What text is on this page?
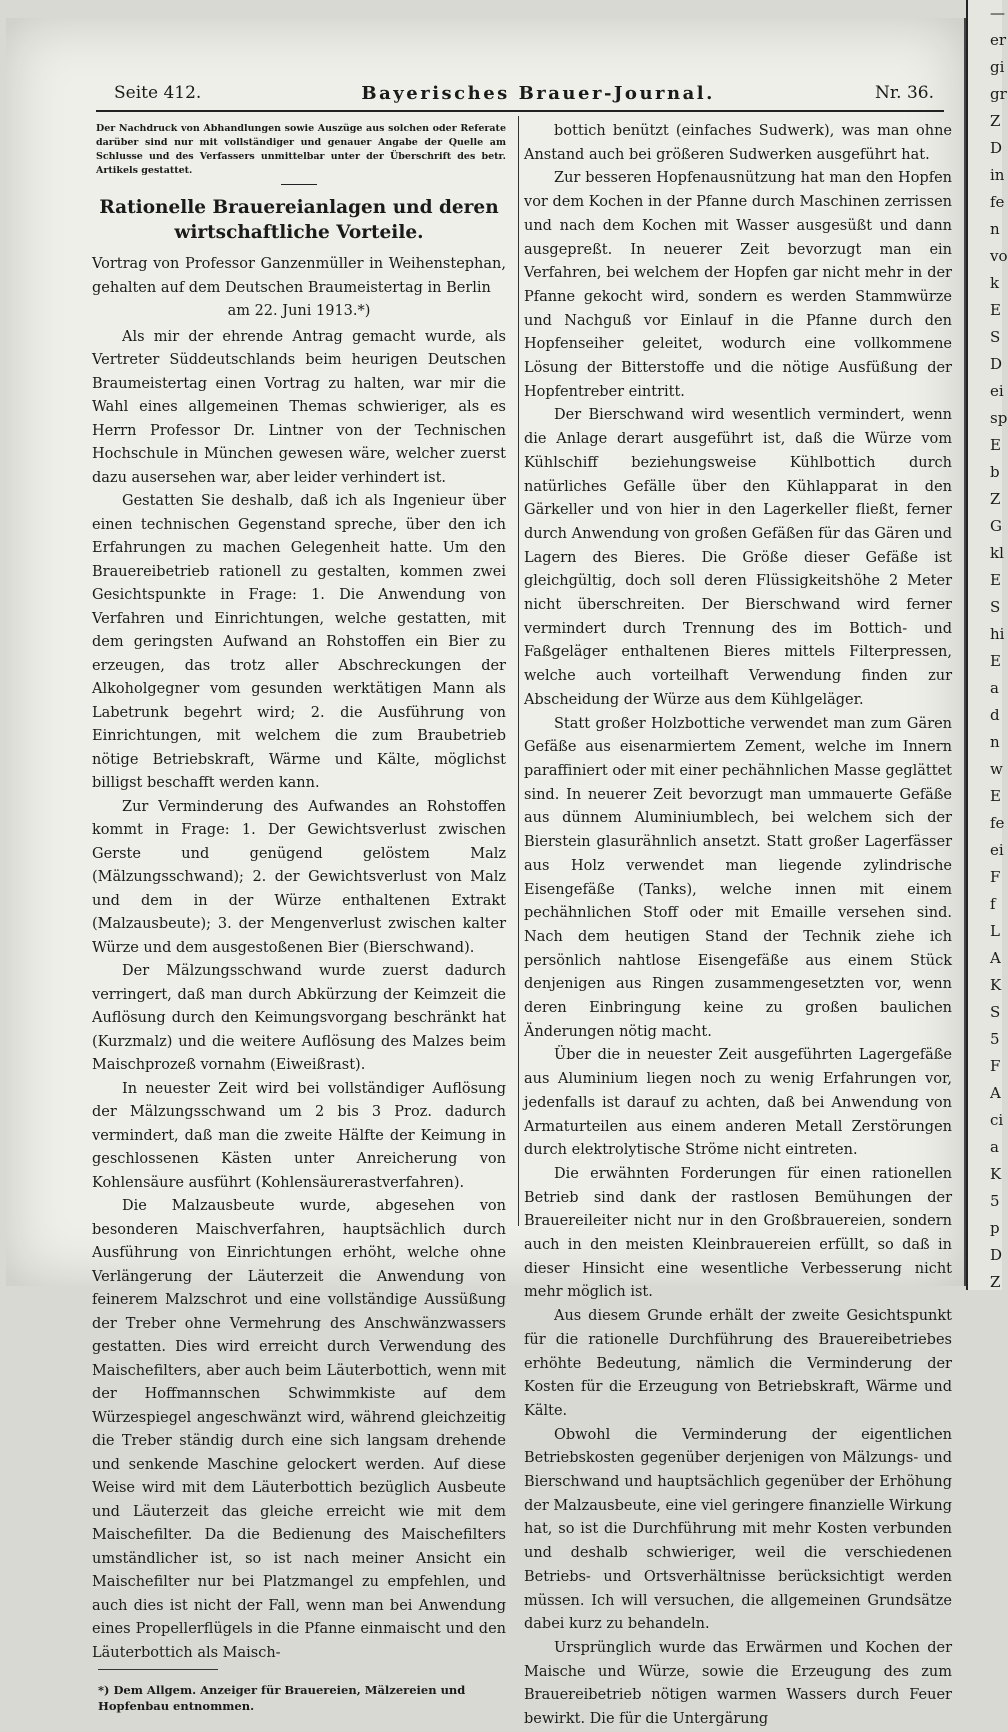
Seite 412.	Bayerisches Brauer-Journal.	Nr. 36.

Der Nachdruck von Abhandlungen sowie Auszüge aus solchen oder Referate darüber sind nur mit vollständiger und genauer Angabe der Quelle am Schlusse und des Verfassers unmittelbar unter der Überschrift des betr. Artikels gestattet.

Rationelle Brauereianlagen und deren wirtschaftliche Vorteile.

Vortrag von Professor Ganzenmüller in Weihenstephan, gehalten auf dem Deutschen Braumeistertag in Berlin
am 22. Juni 1913.*)

Als mir der ehrende Antrag gemacht wurde, als Vertreter Süddeutschlands beim heurigen Deutschen Braumeistertag einen Vortrag zu halten, war mir die Wahl eines allgemeinen Themas schwieriger, als es Herrn Professor Dr. Lintner von der Technischen Hochschule in München gewesen wäre, welcher zuerst dazu ausersehen war, aber leider verhindert ist.

Gestatten Sie deshalb, daß ich als Ingenieur über einen technischen Gegenstand spreche, über den ich Erfahrungen zu machen Gelegenheit hatte. Um den Brauereibetrieb rationell zu gestalten, kommen zwei Gesichtspunkte in Frage: 1. Die Anwendung von Verfahren und Einrichtungen, welche gestatten, mit dem geringsten Aufwand an Rohstoffen ein Bier zu erzeugen, das trotz aller Abschreckungen der Alkoholgegner vom gesunden werktätigen Mann als Labetrunk begehrt wird; 2. die Ausführung von Einrichtungen, mit welchem die zum Braubetrieb nötige Betriebskraft, Wärme und Kälte, möglichst billigst beschafft werden kann.

Zur Verminderung des Aufwandes an Rohstoffen kommt in Frage: 1. Der Gewichtsverlust zwischen Gerste und genügend gelöstem Malz (Mälzungsschwand); 2. der Gewichtsverlust von Malz und dem in der Würze enthaltenen Extrakt (Malzausbeute); 3. der Mengenverlust zwischen kalter Würze und dem ausgestoßenen Bier (Bierschwand).

Der Mälzungsschwand wurde zuerst dadurch verringert, daß man durch Abkürzung der Keimzeit die Auflösung durch den Keimungsvorgang beschränkt hat (Kurzmalz) und die weitere Auflösung des Malzes beim Maischprozeß vornahm (Eiweißrast).

In neuester Zeit wird bei vollständiger Auflösung der Mälzungsschwand um 2 bis 3 Proz. dadurch vermindert, daß man die zweite Hälfte der Keimung in geschlossenen Kästen unter Anreicherung von Kohlensäure ausführt (Kohlensäurerastverfahren).

Die Malzausbeute wurde, abgesehen von besonderen Maischverfahren, hauptsächlich durch Ausführung von Einrichtungen erhöht, welche ohne Verlängerung der Läuterzeit die Anwendung von feinerem Malzschrot und eine vollständige Aussüßung der Treber ohne Vermehrung des Anschwänzwassers gestatten. Dies wird erreicht durch Verwendung des Maischefilters, aber auch beim Läuterbottich, wenn mit der Hoffmannschen Schwimmkiste auf dem Würzespiegel angeschwänzt wird, während gleichzeitig die Treber ständig durch eine sich langsam drehende und senkende Maschine gelockert werden. Auf diese Weise wird mit dem Läuterbottich bezüglich Ausbeute und Läuterzeit das gleiche erreicht wie mit dem Maischefilter. Da die Bedienung des Maischefilters umständlicher ist, so ist nach meiner Ansicht ein Maischefilter nur bei Platzmangel zu empfehlen, und auch dies ist nicht der Fall, wenn man bei Anwendung eines Propellerflügels in die Pfanne einmaischt und den Läuterbottich als Maisch-

*) Dem Allgem. Anzeiger für Brauereien, Mälzereien und Hopfenbau entnommen.

bottich benützt (einfaches Sudwerk), was man ohne Anstand auch bei größeren Sudwerken ausgeführt hat.

Zur besseren Hopfenausnützung hat man den Hopfen vor dem Kochen in der Pfanne durch Maschinen zerrissen und nach dem Kochen mit Wasser ausgesüßt und dann ausgepreßt. In neuerer Zeit bevorzugt man ein Verfahren, bei welchem der Hopfen gar nicht mehr in der Pfanne gekocht wird, sondern es werden Stammwürze und Nachguß vor Einlauf in die Pfanne durch den Hopfenseiher geleitet, wodurch eine vollkommene Lösung der Bitterstoffe und die nötige Ausfüßung der Hopfentreber eintritt.

Der Bierschwand wird wesentlich vermindert, wenn die Anlage derart ausgeführt ist, daß die Würze vom Kühlschiff beziehungsweise Kühlbottich durch natürliches Gefälle über den Kühlapparat in den Gärkeller und von hier in den Lagerkeller fließt, ferner durch Anwendung von großen Gefäßen für das Gären und Lagern des Bieres. Die Größe dieser Gefäße ist gleichgültig, doch soll deren Flüssigkeitshöhe 2 Meter nicht überschreiten. Der Bierschwand wird ferner vermindert durch Trennung des im Bottich- und Faßgeläger enthaltenen Bieres mittels Filterpressen, welche auch vorteilhaft Verwendung finden zur Abscheidung der Würze aus dem Kühlgeläger.

Statt großer Holzbottiche verwendet man zum Gären Gefäße aus eisenarmiertem Zement, welche im Innern paraffiniert oder mit einer pechähnlichen Masse geglättet sind. In neuerer Zeit bevorzugt man ummauerte Gefäße aus dünnem Aluminiumblech, bei welchem sich der Bierstein glasurähnlich ansetzt. Statt großer Lagerfässer aus Holz verwendet man liegende zylindrische Eisengefäße (Tanks), welche innen mit einem pechähnlichen Stoff oder mit Emaille versehen sind. Nach dem heutigen Stand der Technik ziehe ich persönlich nahtlose Eisengefäße aus einem Stück denjenigen aus Ringen zusammengesetzten vor, wenn deren Einbringung keine zu großen baulichen Änderungen nötig macht.

Über die in neuester Zeit ausgeführten Lagergefäße aus Aluminium liegen noch zu wenig Erfahrungen vor, jedenfalls ist darauf zu achten, daß bei Anwendung von Armaturteilen aus einem anderen Metall Zerstörungen durch elektrolytische Ströme nicht eintreten.

Die erwähnten Forderungen für einen rationellen Betrieb sind dank der rastlosen Bemühungen der Brauereileiter nicht nur in den Großbrauereien, sondern auch in den meisten Kleinbrauereien erfüllt, so daß in dieser Hinsicht eine wesentliche Verbesserung nicht mehr möglich ist.

Aus diesem Grunde erhält der zweite Gesichtspunkt für die rationelle Durchführung des Brauereibetriebes erhöhte Bedeutung, nämlich die Verminderung der Kosten für die Erzeugung von Betriebskraft, Wärme und Kälte.

Obwohl die Verminderung der eigentlichen Betriebskosten gegenüber derjenigen von Mälzungs- und Bierschwand und hauptsächlich gegenüber der Erhöhung der Malzausbeute, eine viel geringere finanzielle Wirkung hat, so ist die Durchführung mit mehr Kosten verbunden und deshalb schwieriger, weil die verschiedenen Betriebs- und Ortsverhältnisse berücksichtigt werden müssen. Ich will versuchen, die allgemeinen Grundsätze dabei kurz zu behandeln.

Ursprünglich wurde das Erwärmen und Kochen der Maische und Würze, sowie die Erzeugung des zum Brauereibetrieb nötigen warmen Wassers durch Feuer bewirkt. Die für die Untergärung

—
er
gi
gr
Z
D
in
fe
n
vo
k
E
S
D
ei
sp
E
b
Z
G
kl
E
S
hi
E
a
d
n
w
E
fe
ei
F
f
L
A
K
S
5
F
A
ci
a
K
5
p
D
Z
